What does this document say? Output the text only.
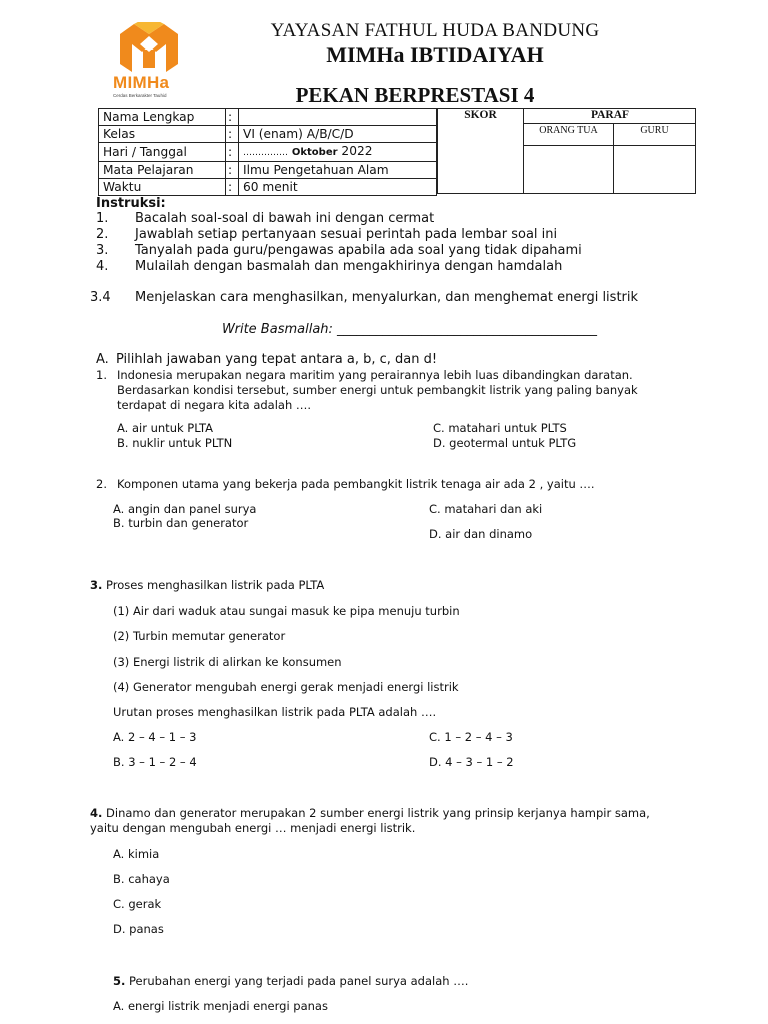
MIMHa
Cerdas Berkarakter Tauhid
YAYASAN FATHUL HUDA BANDUNG
MIMHa IBTIDAIYAH
PEKAN BERPRESTASI 4
Nama Lengkap	:	
Kelas	:	VI (enam) A/B/C/D
Hari / Tanggal	:	…………… Oktober 2022
Mata Pelajaran	:	Ilmu Pengetahuan Alam
Waktu	:	60 menit
SKOR	PARAF
ORANG TUA	GURU
Instruksi:
1. Bacalah soal-soal di bawah ini dengan cermat
2. Jawablah setiap pertanyaan sesuai perintah pada lembar soal ini
3. Tanyalah pada guru/pengawas apabila ada soal yang tidak dipahami
4. Mulailah dengan basmalah dan mengakhirinya dengan hamdalah
3.4 Menjelaskan cara menghasilkan, menyalurkan, dan menghemat energi listrik
Write Basmallah: ________________________________________
A. Pilihlah jawaban yang tepat antara a, b, c, dan d!
1. Indonesia merupakan negara maritim yang perairannya lebih luas dibandingkan daratan.
Berdasarkan kondisi tersebut, sumber energi untuk pembangkit listrik yang paling banyak
terdapat di negara kita adalah ….
A. air untuk PLTA
B. nuklir untuk PLTN
C. matahari untuk PLTS
D. geotermal untuk PLTG
2. Komponen utama yang bekerja pada pembangkit listrik tenaga air ada 2 , yaitu ….
A. angin dan panel surya
B. turbin dan generator
C. matahari dan aki
D. air dan dinamo
3. Proses menghasilkan listrik pada PLTA
(1) Air dari waduk atau sungai masuk ke pipa menuju turbin
(2) Turbin memutar generator
(3) Energi listrik di alirkan ke konsumen
(4) Generator mengubah energi gerak menjadi energi listrik
Urutan proses menghasilkan listrik pada PLTA adalah ….
A. 2 – 4 – 1 – 3
B. 3 – 1 – 2 – 4
C. 1 – 2 – 4 – 3
D. 4 – 3 – 1 – 2
4. Dinamo dan generator merupakan 2 sumber energi listrik yang prinsip kerjanya hampir sama,
yaitu dengan mengubah energi … menjadi energi listrik.
A. kimia
B. cahaya
C. gerak
D. panas
5. Perubahan energi yang terjadi pada panel surya adalah ….
A. energi listrik menjadi energi panas
